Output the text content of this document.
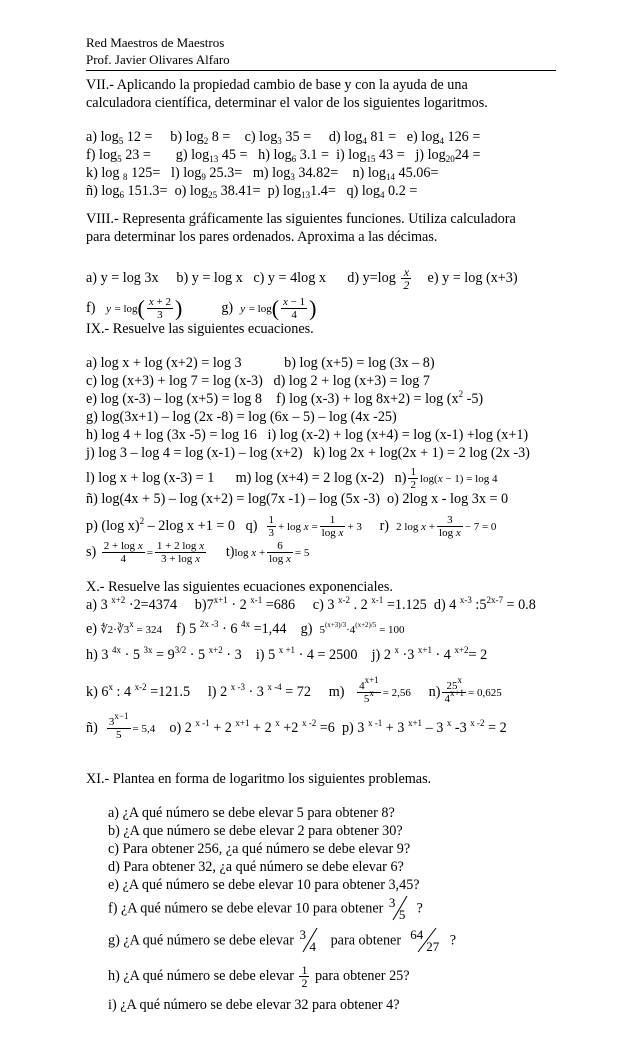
Red Maestros de Maestros
Prof. Javier Olivares Alfaro
VII.- Aplicando la propiedad cambio de base y con la ayuda de una
calculadora científica, determinar el valor de los siguientes logaritmos.
a) $\log_5 12$ =     b) $\log_2 8$ =    c) $\log_3 35$ =     d) $\log_4 81 = e$) $\log_4 126$ =
f) $\log_5 23$ =       g) $\log_{13} 45 = h$) $\log_6 3.1 = i$) $\log_{15} 43 = j$) $\log_{20}24$ =
k) log $_8$ 125=   l) $\log_9 25.3= m$) $\log_3 34.82=$    n) $\log_{14} 45.06=$
ñ) $\log_6 151.3= o$) $\log_{25} 38.41= p$) $\log_{13}1.4= q$) $\log_4 0.2$ =
VIII.- Representa gráficamente las siguientes funciones. Utiliza calculadora
para determinar los pares ordenados. Aproxima a las décimas.
a) y = log 3x     b) y = log x   c) y = 4log x      d) $y=\log \frac{x}{2} e$) y = log (x+3)
f)   $y = \log( \frac{x + 2}{3}$ )           g)  $y = \log( \frac{x - 1}{4}$ )
IX.- Resuelve las siguientes ecuaciones.
a) log x + log (x+2) = log 3            b) log (x+5) = log (3x – 8)
c) log (x+3) + log 7 = log (x-3)   d) log 2 + log (x+3) = log 7
e) log (x-3) – log (x+5) = log 8    f) $\log (x-3) + \log 8x+2) = \log (x^2$ -5)
g) log(3x+1) – log (2x -8) = log (6x – 5) – log (4x -25)
h) log 4 + log (3x -5) = log 16   i) log (x-2) + log (x+4) = log (x-1) +log (x+1)
j) log 3 – log 4 = log (x-1) – log (x+2)   k) log 2x + log(2x + 1) = 2 log (2x -3)
l) log x + log (x-3) = 1      m) log (x+4) = 2 log (x-2)   $n) \frac{1}{2} \log(x - 1) = \log 4$
ñ) log(4x + 5) – log (x+2) = log(7x -1) – log (5x -3)  o) 2log x - log 3x = 0
p) (log x)$^2$ – 2log x +1 = 0   $q) \frac{1}{3} + \log x = \frac{1}{\text{log x}} + 3$     r)  2 $\log x + \frac{3}{\text{log x}} - 7 = 0$
$s) \frac{\text{2 + log x}}{4} = \frac{\text{1 + 2 log x}}{\text{3 + log x}} t)\log$ $x + \frac{6}{\text{log x}} = 5$
X.- Resuelve las siguientes ecuaciones exponenciales.
a) 3 $^{x+2}$ ·2=4374     $b)7^{x+1} \cdot 2$ $^{x-1}$ =686     c) 3 $^{x-2}$ . 2 $^{x-1}$ =1.125  d) 4 $^{x-3}$ $:5^{2x-7} = 0.8$
e) $∜2\cdot∛3^x = 324$    f) 5 $^{2x -3}$ · 6 $^{4x}$ =1,44    g)  $5^{(x+3)/3}\cdot 4^{(x+2)/5} = 100$
h) 3 $^{4x}$ · 5 $^{3x} = 9^{3/2} \cdot 5$ $^{x+2}$ · 3    i) 5 $^{x +1}$ · 4 = 2500    j) 2 $^x$ ·3 $^{x+1}$ · 4 $^{x+2}$= 2
k) 6$^x$ : 4 $^{x-2}$ =121.5     l) 2 $^{x -3}$ · 3 $^{x -4}$ = 72     $m) \frac{4^{x+1}}{5^x} = 2,56$     $n) \frac{25^x}{4^{x+1}} = 0,625$
ñ) $\frac{3^{x-1}}{5} = 5,4$    o) 2 $^{x -1}$ + 2 $^{x+1}$ + 2 $^x$ +2 $^{x -2}$ =6  p) 3 $^{x -1}$ + 3 $^{x+1}$ – 3 $^x$ -3 $^{x -2}$ = 2
XI.- Plantea en forma de logaritmo los siguientes problemas.
a) ¿A qué número se debe elevar 5 para obtener 8?
b) ¿A que número se debe elevar 2 para obtener 30?
c) Para obtener 256, ¿a qué número se debe elevar 9?
d) Para obtener 32, ¿a qué número se debe elevar 6?
e) ¿A qué número se debe elevar 10 para obtener 3,45?
f) ¿A qué número se debe elevar 10 para obtener 3
5 ?
g) ¿A qué número se debe elevar 3
4 para obtener 64
27 ?
h) ¿A qué número se debe elevar $\frac{1}{2}$ para obtener 25?
i) ¿A qué número se debe elevar 32 para obtener 4?
